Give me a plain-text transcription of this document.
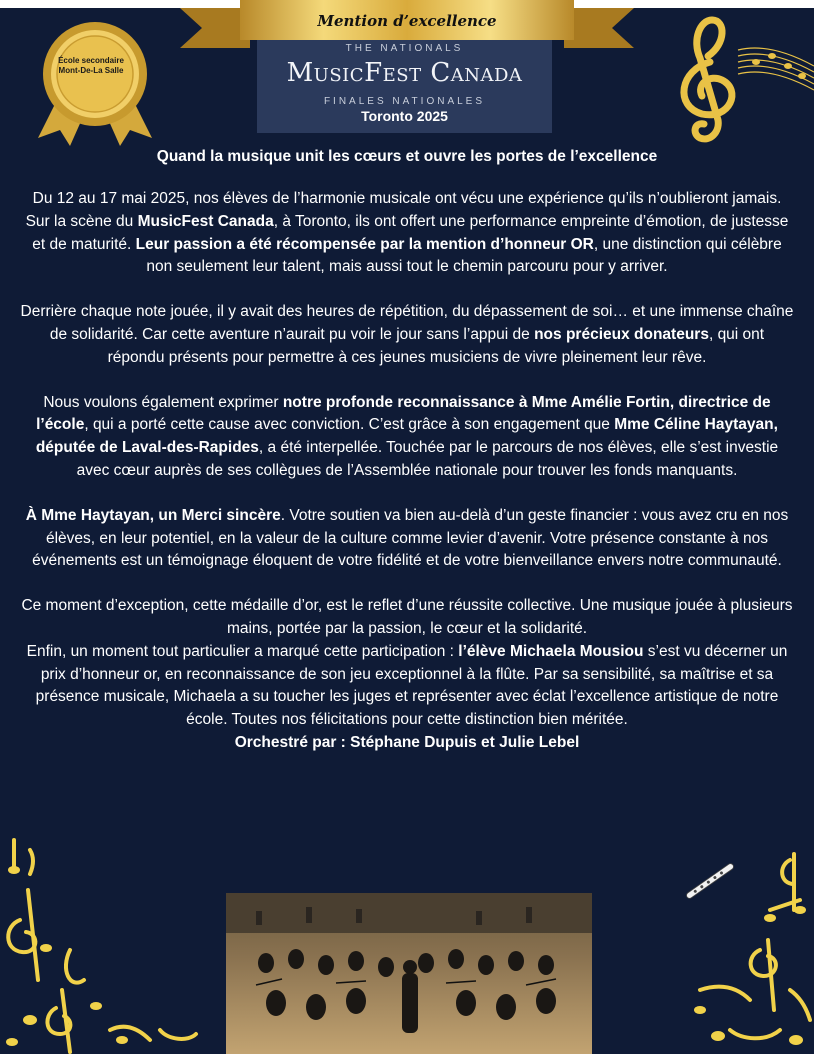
Mention d’excellence
THE NATIONALS
MusicFest Canada
FINALES NATIONALES
Toronto 2025
École secondaire Mont-De-La Salle
Quand la musique unit les cœurs et ouvre les portes de l’excellence

Du 12 au 17 mai 2025, nos élèves de l’harmonie musicale ont vécu une expérience qu’ils n’oublieront jamais. Sur la scène du MusicFest Canada, à Toronto, ils ont offert une performance empreinte d’émotion, de justesse et de maturité. Leur passion a été récompensée par la mention d’honneur OR, une distinction qui célèbre non seulement leur talent, mais aussi tout le chemin parcouru pour y arriver.

Derrière chaque note jouée, il y avait des heures de répétition, du dépassement de soi… et une immense chaîne de solidarité. Car cette aventure n’aurait pu voir le jour sans l’appui de nos précieux donateurs, qui ont répondu présents pour permettre à ces jeunes musiciens de vivre pleinement leur rêve.

Nous voulons également exprimer notre profonde reconnaissance à Mme Amélie Fortin, directrice de l’école, qui a porté cette cause avec conviction. C’est grâce à son engagement que Mme Céline Haytayan, députée de Laval-des-Rapides, a été interpellée. Touchée par le parcours de nos élèves, elle s’est investie avec cœur auprès de ses collègues de l’Assemblée nationale pour trouver les fonds manquants.

À Mme Haytayan, un Merci sincère. Votre soutien va bien au-delà d’un geste financier : vous avez cru en nos élèves, en leur potentiel, en la valeur de la culture comme levier d’avenir. Votre présence constante à nos événements est un témoignage éloquent de votre fidélité et de votre bienveillance envers notre communauté.

Ce moment d’exception, cette médaille d’or, est le reflet d’une réussite collective. Une musique jouée à plusieurs mains, portée par la passion, le cœur et la solidarité.

Enfin, un moment tout particulier a marqué cette participation : l’élève Michaela Mousiou s’est vu décerner un prix d’honneur or, en reconnaissance de son jeu exceptionnel à la flûte. Par sa sensibilité, sa maîtrise et sa présence musicale, Michaela a su toucher les juges et représenter avec éclat l’excellence artistique de notre école. Toutes nos félicitations pour cette distinction bien méritée.

Orchestré par : Stéphane Dupuis et Julie Lebel
